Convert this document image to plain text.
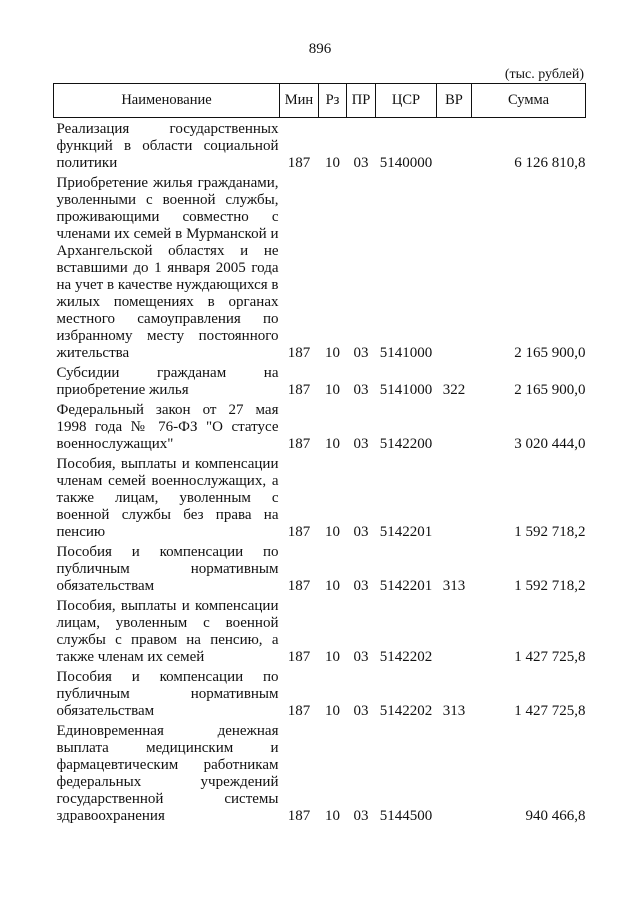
896
(тыс. рублей)
Наименование	Мин	Рз	ПР	ЦСР	ВР	Сумма
Реализация государственных функций в области социальной политики	187	10	03	5140000		6 126 810,8
Приобретение жилья гражданами, уволенными с военной службы, проживающими совместно с членами их семей в Мурманской и Архангельской областях и не вставшими до 1 января 2005 года на учет в качестве нуждающихся в жилых помещениях в органах местного самоуправления по избранному месту постоянного жительства	187	10	03	5141000		2 165 900,0
Субсидии гражданам на приобретение жилья	187	10	03	5141000	322	2 165 900,0
Федеральный закон от 27 мая 1998 года № 76-ФЗ "О статусе военнослужащих"	187	10	03	5142200		3 020 444,0
Пособия, выплаты и компенсации членам семей военнослужащих, а также лицам, уволенным с военной службы без права на пенсию	187	10	03	5142201		1 592 718,2
Пособия и компенсации по публичным нормативным обязательствам	187	10	03	5142201	313	1 592 718,2
Пособия, выплаты и компенсации лицам, уволенным с военной службы с правом на пенсию, а также членам их семей	187	10	03	5142202		1 427 725,8
Пособия и компенсации по публичным нормативным обязательствам	187	10	03	5142202	313	1 427 725,8
Единовременная денежная выплата медицинским и фармацевтическим работникам федеральных учреждений государственной системы здравоохранения	187	10	03	5144500		940 466,8
